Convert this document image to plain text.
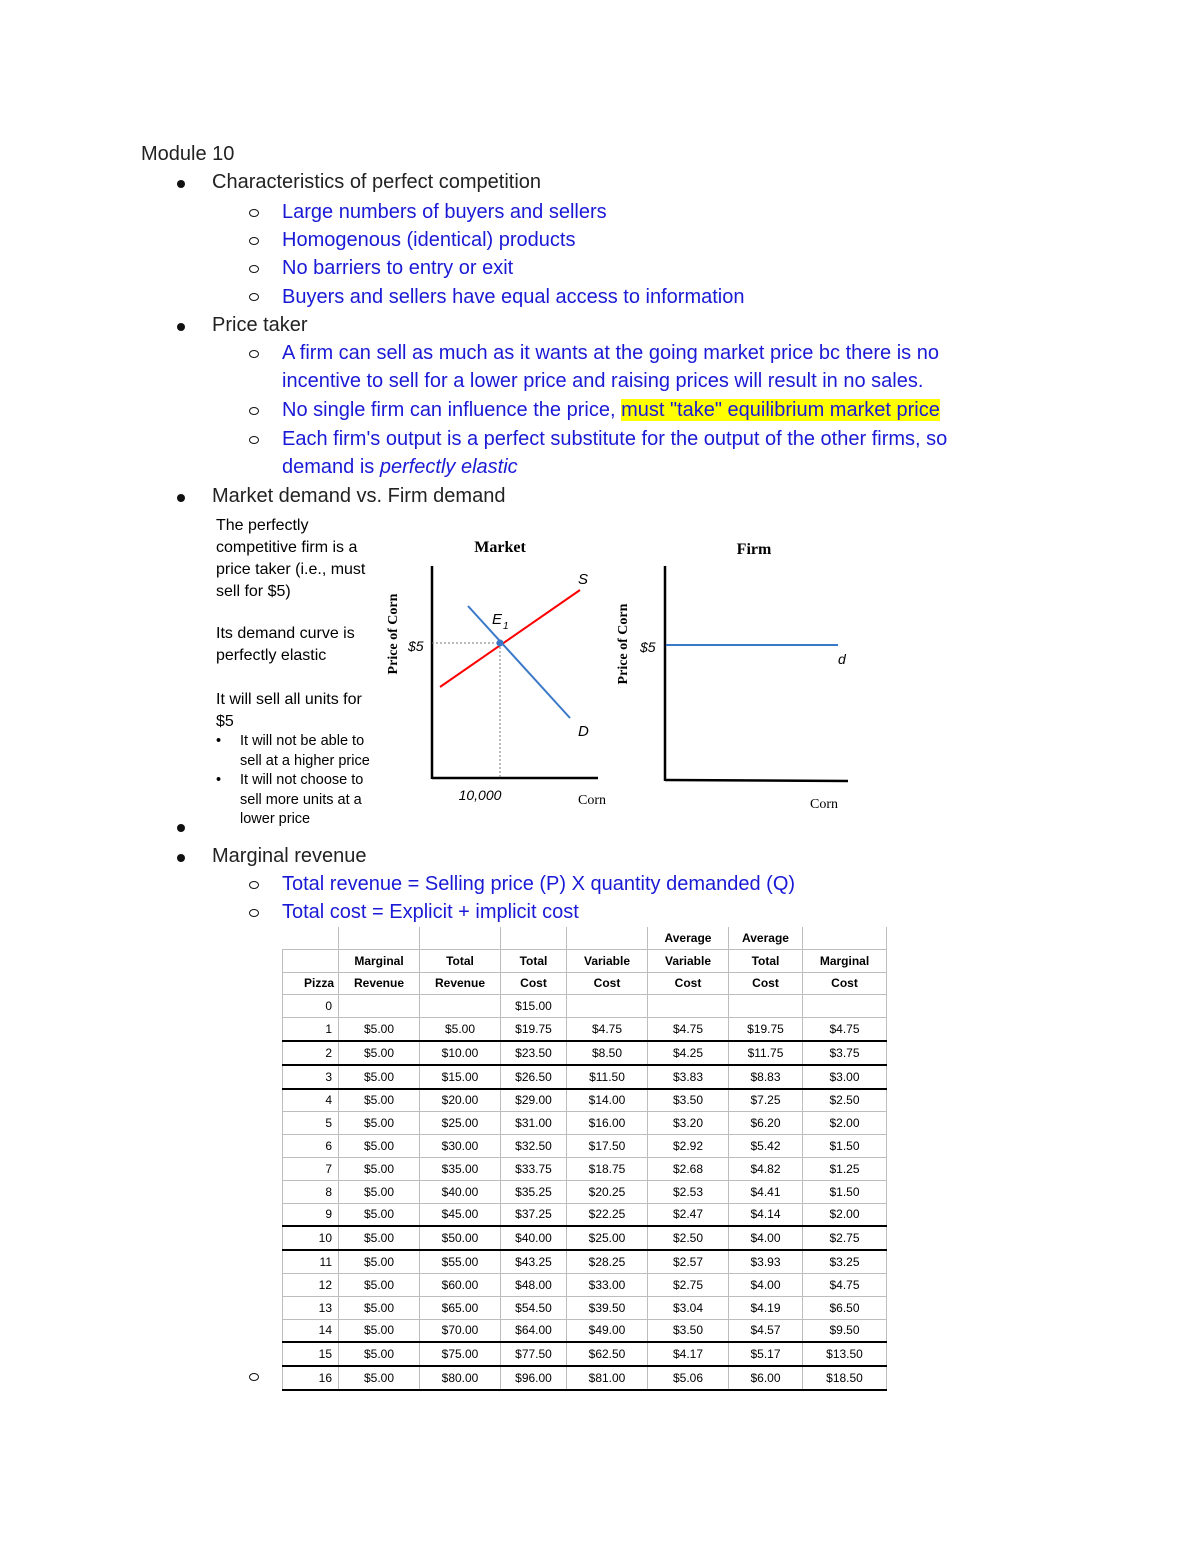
Module 10
Characteristics of perfect competition
Large numbers of buyers and sellers
Homogenous (identical) products
No barriers to entry or exit
Buyers and sellers have equal access to information
Price taker
A firm can sell as much as it wants at the going market price bc there is no
incentive to sell for a lower price and raising prices will result in no sales.
No single firm can influence the price, must "take" equilibrium market price
Each firm's output is a perfect substitute for the output of the other firms, so
demand is perfectly elastic
Market demand vs. Firm demand
The perfectly
competitive firm is a
price taker (i.e., must
sell for $5)
Its demand curve is
perfectly elastic
It will sell all units for
$5
•	It will not be able to
sell at a higher price
•	It will not choose to
sell more units at a
lower price
Market
$5
10,000	Corn
S
D
E 1
Firm
$5
d
Corn
Price of Corn	Price of Corn
Marginal revenue
Total revenue = Selling price (P) X quantity demanded (Q)
Total cost = Explicit + implicit cost
					Average	Average	
	Marginal	Total	Total	Variable	Variable	Total	Marginal
Pizza	Revenue	Revenue	Cost	Cost	Cost	Cost	Cost
0			$15.00				
1	$5.00	$5.00	$19.75	$4.75	$4.75	$19.75	$4.75
2	$5.00	$10.00	$23.50	$8.50	$4.25	$11.75	$3.75
3	$5.00	$15.00	$26.50	$11.50	$3.83	$8.83	$3.00
4	$5.00	$20.00	$29.00	$14.00	$3.50	$7.25	$2.50
5	$5.00	$25.00	$31.00	$16.00	$3.20	$6.20	$2.00
6	$5.00	$30.00	$32.50	$17.50	$2.92	$5.42	$1.50
7	$5.00	$35.00	$33.75	$18.75	$2.68	$4.82	$1.25
8	$5.00	$40.00	$35.25	$20.25	$2.53	$4.41	$1.50
9	$5.00	$45.00	$37.25	$22.25	$2.47	$4.14	$2.00
10	$5.00	$50.00	$40.00	$25.00	$2.50	$4.00	$2.75
11	$5.00	$55.00	$43.25	$28.25	$2.57	$3.93	$3.25
12	$5.00	$60.00	$48.00	$33.00	$2.75	$4.00	$4.75
13	$5.00	$65.00	$54.50	$39.50	$3.04	$4.19	$6.50
14	$5.00	$70.00	$64.00	$49.00	$3.50	$4.57	$9.50
15	$5.00	$75.00	$77.50	$62.50	$4.17	$5.17	$13.50
16	$5.00	$80.00	$96.00	$81.00	$5.06	$6.00	$18.50
